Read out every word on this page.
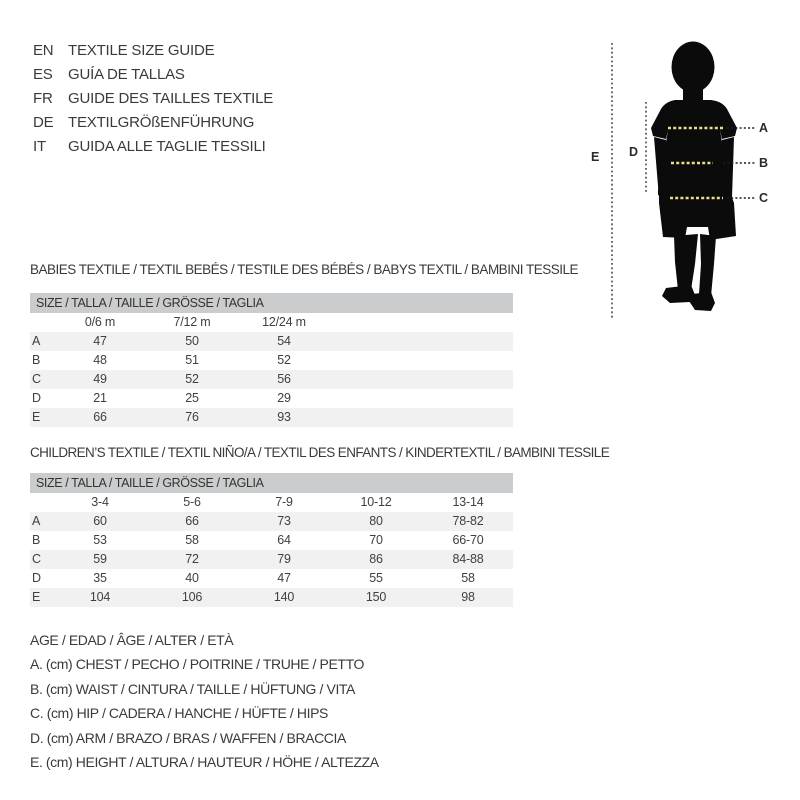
EN TEXTILE SIZE GUIDE
ES	GUÍA DE TALLAS
FR	GUIDE DES TAILLES TEXTILE
DE TEXTILGRÖßENFÜHRUNG
IT	GUIDA ALLE TAGLIE TESSILI
E D
A
B
C
BABIES TEXTILE / TEXTIL BEBÉS / TESTILE DES BÉBÉS / BABYS TEXTIL / BAMBINI TESSILE
SIZE / TALLA / TAILLE / GRÖSSE / TAGLIA
0/6 m	7/12 m	12/24 m
A	47	50	54
B	48	51	52
C	49	52	56
D	21	25	29
E	66	76	93
CHILDREN’S TEXTILE / TEXTIL NIÑO/A / TEXTIL DES ENFANTS / KINDERTEXTIL / BAMBINI TESSILE
SIZE / TALLA / TAILLE / GRÖSSE / TAGLIA
3-4	5-6	7-9	10-12	13-14
A	60	66	73	80	78-82
B	53	58	64	70	66-70
C	59	72	79	86	84-88
D	35	40	47	55	58
E	104	106	140	150	98
AGE / EDAD / ÂGE / ALTER / ETÀ
A. (cm) CHEST / PECHO / POITRINE / TRUHE / PETTO
B. (cm) WAIST / CINTURA / TAILLE / HÜFTUNG / VITA
C. (cm) HIP / CADERA / HANCHE / HÜFTE / HIPS
D. (cm) ARM / BRAZO / BRAS / WAFFEN / BRACCIA
E. (cm) HEIGHT / ALTURA / HAUTEUR / HÖHE / ALTEZZA
